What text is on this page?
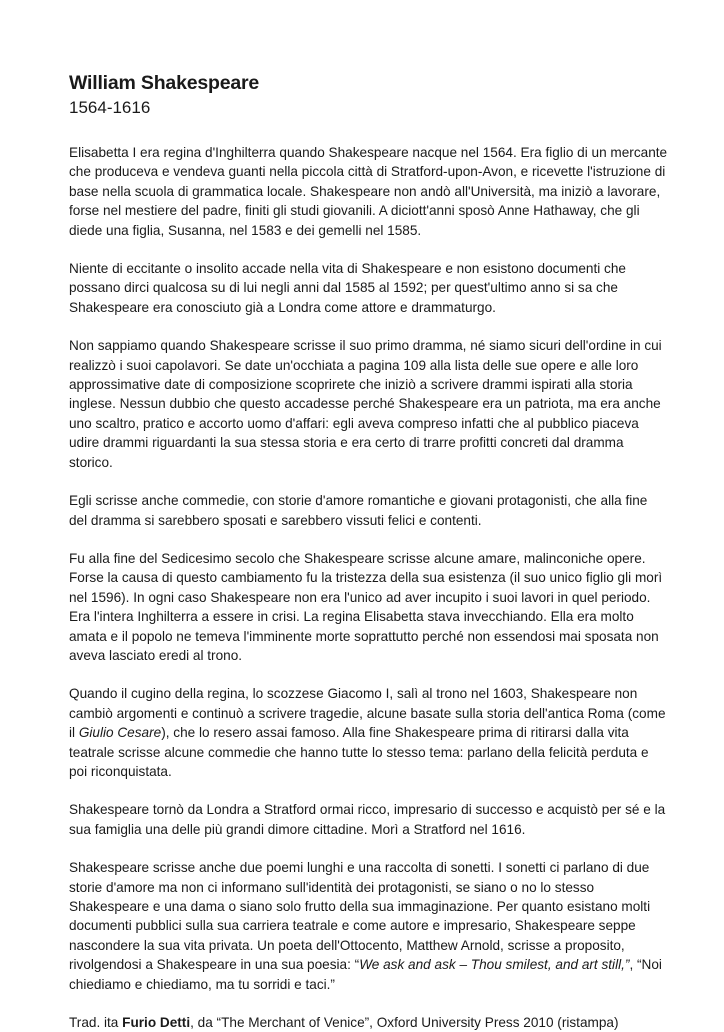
William Shakespeare
1564-1616

Elisabetta I era regina d'Inghilterra quando Shakespeare nacque nel 1564. Era figlio di un mercante che produceva e vendeva guanti nella piccola città di Stratford-upon-Avon, e ricevette l'istruzione di base nella scuola di grammatica locale. Shakespeare non andò all'Università, ma iniziò a lavorare, forse nel mestiere del padre, finiti gli studi giovanili. A diciott'anni sposò Anne Hathaway, che gli diede una figlia, Susanna, nel 1583 e dei gemelli nel 1585.

Niente di eccitante o insolito accade nella vita di Shakespeare e non esistono documenti che possano dirci qualcosa su di lui negli anni dal 1585 al 1592; per quest'ultimo anno si sa che Shakespeare era conosciuto già a Londra come attore e drammaturgo.

Non sappiamo quando Shakespeare scrisse il suo primo dramma, né siamo sicuri dell'ordine in cui realizzò i suoi capolavori. Se date un'occhiata a pagina 109 alla lista delle sue opere e alle loro approssimative date di composizione scoprirete che iniziò a scrivere drammi ispirati alla storia inglese. Nessun dubbio che questo accadesse perché Shakespeare era un patriota, ma era anche uno scaltro, pratico e accorto uomo d'affari: egli aveva compreso infatti che al pubblico piaceva udire drammi riguardanti la sua stessa storia e era certo di trarre profitti concreti dal dramma storico.

Egli scrisse anche commedie, con storie d'amore romantiche e giovani protagonisti, che alla fine del dramma si sarebbero sposati e sarebbero vissuti felici e contenti.

Fu alla fine del Sedicesimo secolo che Shakespeare scrisse alcune amare, malinconiche opere. Forse la causa di questo cambiamento fu la tristezza della sua esistenza (il suo unico figlio gli morì nel 1596). In ogni caso Shakespeare non era l'unico ad aver incupito i suoi lavori in quel periodo. Era l'intera Inghilterra a essere in crisi. La regina Elisabetta stava invecchiando. Ella era molto amata e il popolo ne temeva l'imminente morte soprattutto perché non essendosi mai sposata non aveva lasciato eredi al trono.

Quando il cugino della regina, lo scozzese Giacomo I, salì al trono nel 1603, Shakespeare non cambiò argomenti e continuò a scrivere tragedie, alcune basate sulla storia dell'antica Roma (come il Giulio Cesare), che lo resero assai famoso. Alla fine Shakespeare prima di ritirarsi dalla vita teatrale scrisse alcune commedie che hanno tutte lo stesso tema: parlano della felicità perduta e poi riconquistata.

Shakespeare tornò da Londra a Stratford ormai ricco, impresario di successo e acquistò per sé e la sua famiglia una delle più grandi dimore cittadine. Morì a Stratford nel 1616.

Shakespeare scrisse anche due poemi lunghi e una raccolta di sonetti. I sonetti ci parlano di due storie d'amore ma non ci informano sull'identità dei protagonisti, se siano o no lo stesso Shakespeare e una dama o siano solo frutto della sua immaginazione. Per quanto esistano molti documenti pubblici sulla sua carriera teatrale e come autore e impresario, Shakespeare seppe nascondere la sua vita privata. Un poeta dell'Ottocento, Matthew Arnold, scrisse a proposito, rivolgendosi a Shakespeare in una sua poesia: “We ask and ask – Thou smilest, and art still,”, “Noi chiediamo e chiediamo, ma tu sorridi e taci.”

Trad. ita Furio Detti, da “The Merchant of Venice”, Oxford University Press 2010 (ristampa)
